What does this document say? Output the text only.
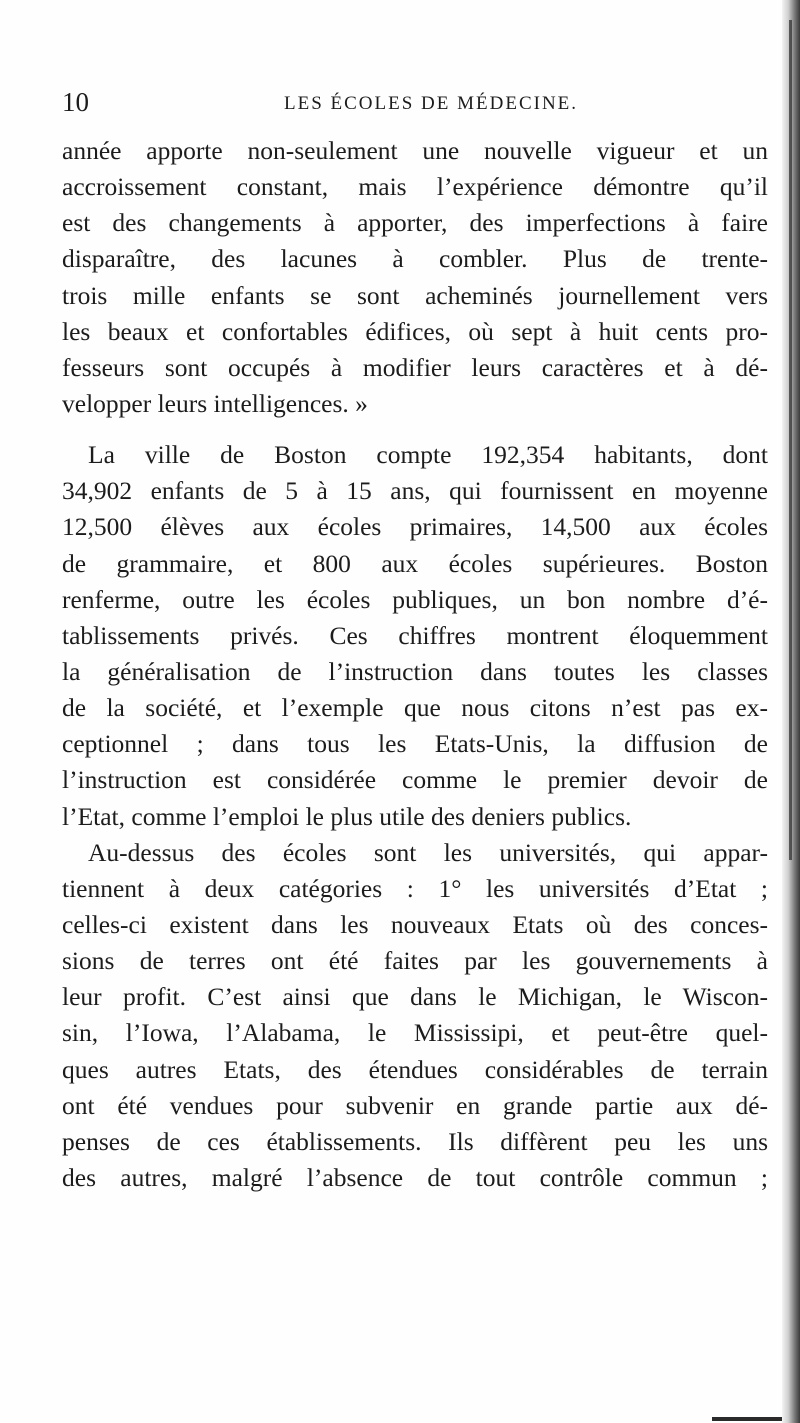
10	LES ÉCOLES DE MÉDECINE.
année apporte non-seulement une nouvelle vigueur et un
accroissement constant, mais l’expérience démontre qu’il
est des changements à apporter, des imperfections à faire
disparaître, des lacunes à combler. Plus de trente-
trois mille enfants se sont acheminés journellement vers
les beaux et confortables édifices, où sept à huit cents pro-
fesseurs sont occupés à modifier leurs caractères et à dé-
velopper leurs intelligences. »
La ville de Boston compte 192,354 habitants, dont
34,902 enfants de 5 à 15 ans, qui fournissent en moyenne
12,500 élèves aux écoles primaires, 14,500 aux écoles
de grammaire, et 800 aux écoles supérieures. Boston
renferme, outre les écoles publiques, un bon nombre d’é-
tablissements privés. Ces chiffres montrent éloquemment
la généralisation de l’instruction dans toutes les classes
de la société, et l’exemple que nous citons n’est pas ex-
ceptionnel ; dans tous les Etats-Unis, la diffusion de
l’instruction est considérée comme le premier devoir de
l’Etat, comme l’emploi le plus utile des deniers publics.
Au-dessus des écoles sont les universités, qui appar-
tiennent à deux catégories : 1° les universités d’Etat ;
celles-ci existent dans les nouveaux Etats où des conces-
sions de terres ont été faites par les gouvernements à
leur profit. C’est ainsi que dans le Michigan, le Wiscon-
sin, l’Iowa, l’Alabama, le Mississipi, et peut-être quel-
ques autres Etats, des étendues considérables de terrain
ont été vendues pour subvenir en grande partie aux dé-
penses de ces établissements. Ils diffèrent peu les uns
des autres, malgré l’absence de tout contrôle commun ;
